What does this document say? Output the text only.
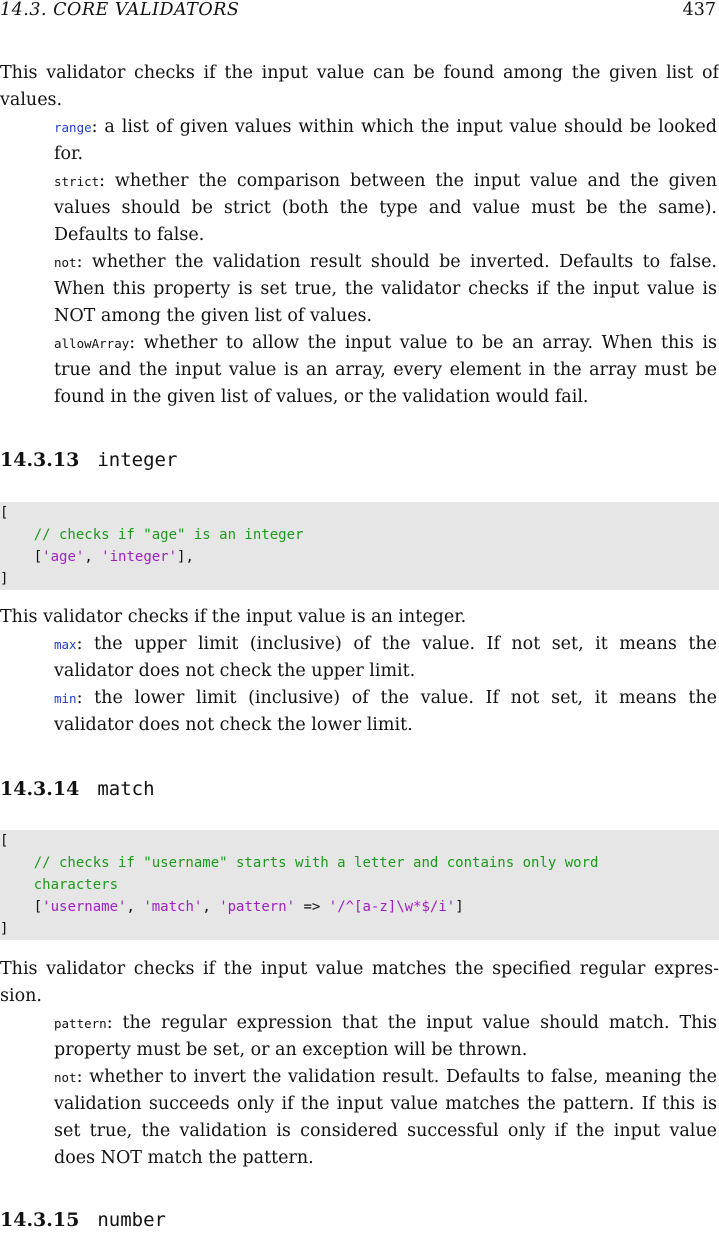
14.3. CORE VALIDATORS	437
This validator checks if the input value can be found among the given list of
values.
range: a list of given values within which the input value should be looked for.
strict: whether the comparison between the input value and the given values should be strict (both the type and value must be the same). Defaults to false.
not: whether the validation result should be inverted. Defaults to false. When this property is set true, the validator checks if the input value is NOT among the given list of values.
allowArray: whether to allow the input value to be an array. When this is true and the input value is an array, every element in the array must be found in the given list of values, or the validation would fail.
14.3.13 integer
[
// checks if "age" is an integer
['age', 'integer'],
]
This validator checks if the input value is an integer.
max: the upper limit (inclusive) of the value. If not set, it means the validator does not check the upper limit.
min: the lower limit (inclusive) of the value. If not set, it means the validator does not check the lower limit.
14.3.14 match
[
// checks if "username" starts with a letter and contains only word
characters
['username', 'match', 'pattern' => '/^[a-z]\w*$/i']
]
This validator checks if the input value matches the specified regular expres-
sion.
pattern: the regular expression that the input value should match. This property must be set, or an exception will be thrown.
not: whether to invert the validation result. Defaults to false, meaning the validation succeeds only if the input value matches the pattern. If this is set true, the validation is considered successful only if the input value does NOT match the pattern.
14.3.15 number
